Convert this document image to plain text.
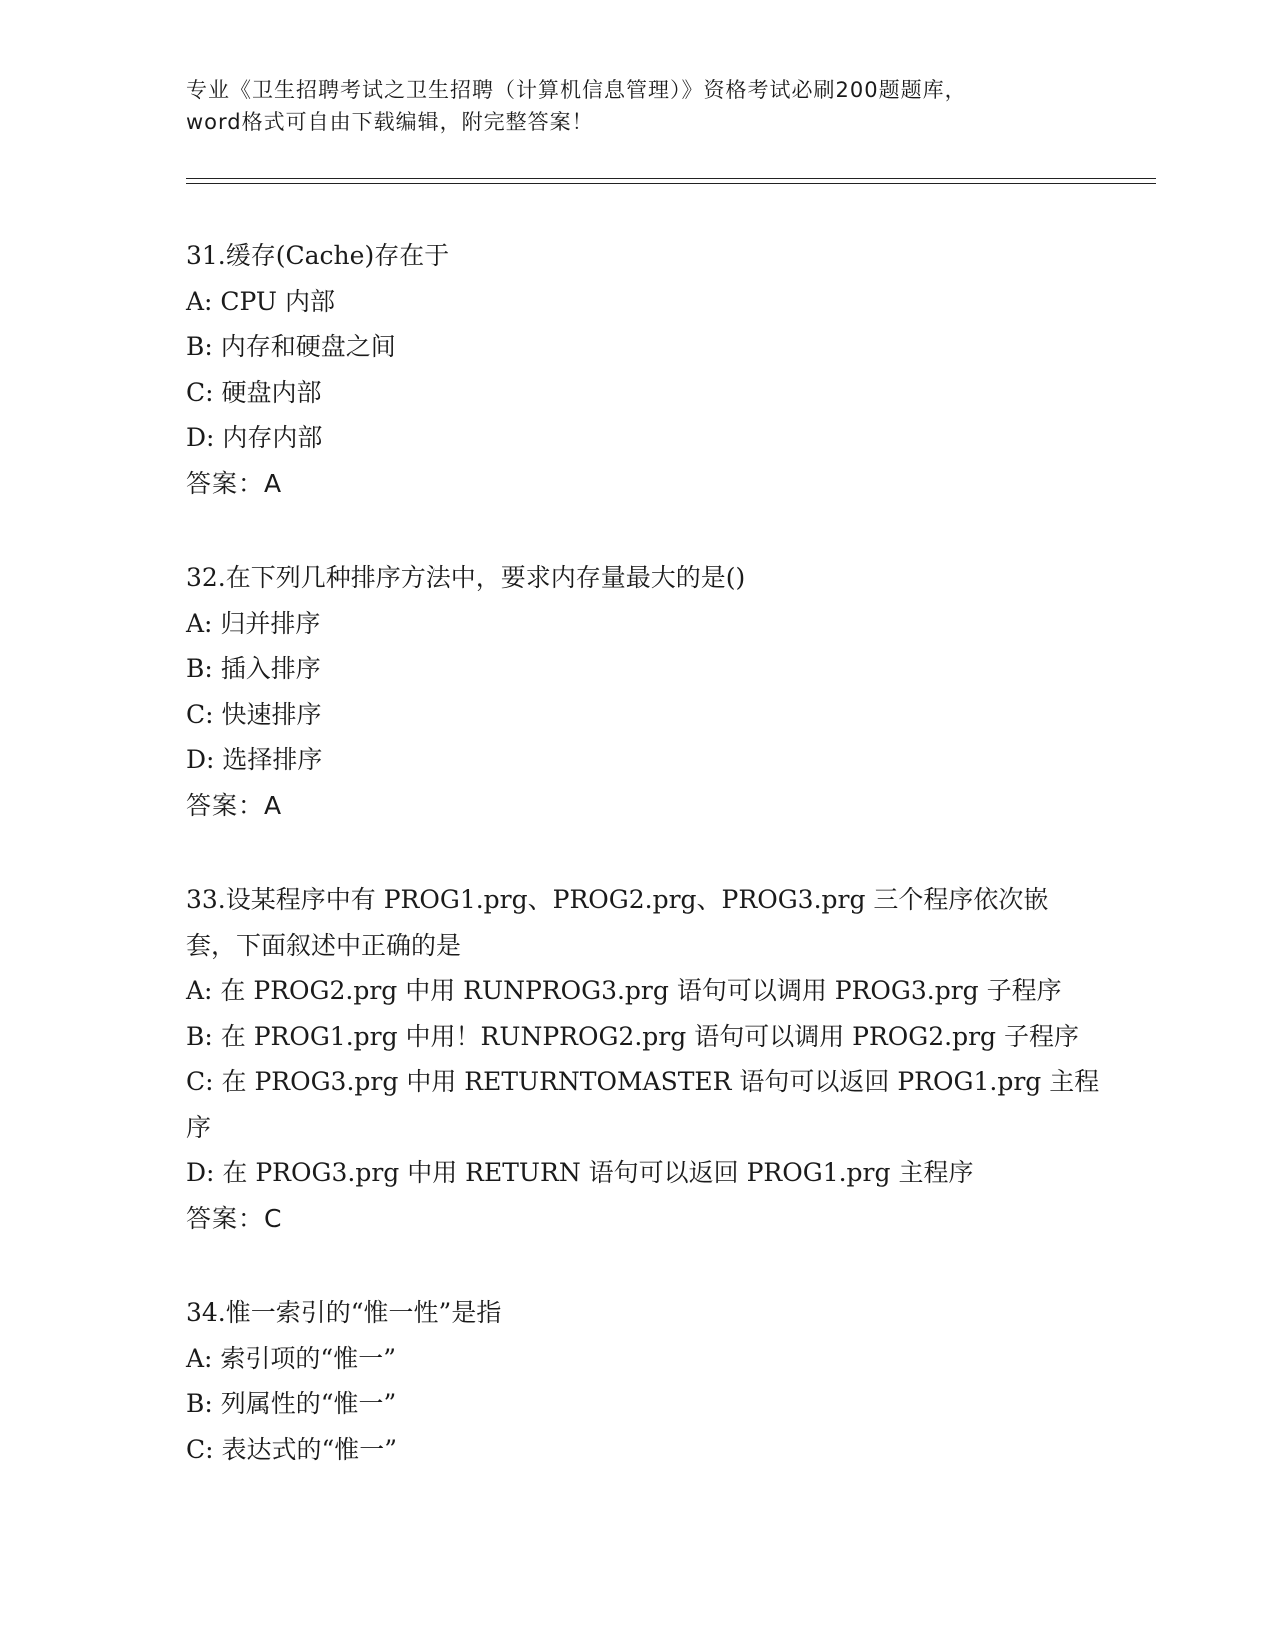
专业《卫生招聘考试之卫生招聘（计算机信息管理）》资格考试必刷200题题库，
word格式可自由下载编辑，附完整答案！
31.缓存(Cache)存在于
A: CPU 内部
B: 内存和硬盘之间
C: 硬盘内部
D: 内存内部
答案：A
32.在下列几种排序方法中，要求内存量最大的是()
A: 归并排序
B: 插入排序
C: 快速排序
D: 选择排序
答案：A
33.设某程序中有 PROG1.prg、PROG2.prg、PROG3.prg 三个程序依次嵌
套，下面叙述中正确的是
A: 在 PROG2.prg 中用 RUNPROG3.prg 语句可以调用 PROG3.prg 子程序
B: 在 PROG1.prg 中用！RUNPROG2.prg 语句可以调用 PROG2.prg 子程序
C: 在 PROG3.prg 中用 RETURNTOMASTER 语句可以返回 PROG1.prg 主程
序
D: 在 PROG3.prg 中用 RETURN 语句可以返回 PROG1.prg 主程序
答案：C
34.惟一索引的“惟一性”是指
A: 索引项的“惟一”
B: 列属性的“惟一”
C: 表达式的“惟一”
